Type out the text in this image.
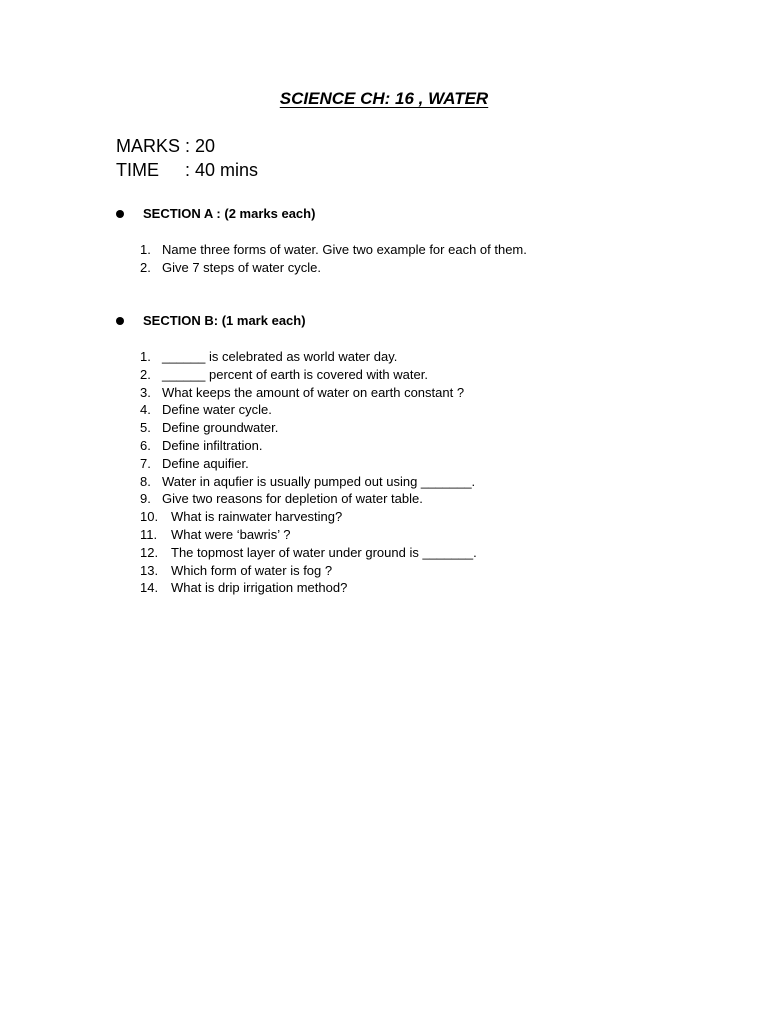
SCIENCE CH: 16 , WATER
MARKS : 20
TIME : 40 mins
SECTION A : (2 marks each)
1. Name three forms of water. Give two example for each of them.
2. Give 7 steps of water cycle.
SECTION B: (1 mark each)
1. ______ is celebrated as world water day.
2. ______ percent of earth is covered with water.
3. What keeps the amount of water on earth constant ?
4. Define water cycle.
5. Define groundwater.
6. Define infiltration.
7. Define aquifier.
8. Water in aqufier is usually pumped out using _______.
9. Give two reasons for depletion of water table.
10. What is rainwater harvesting?
11. What were ‘bawris’ ?
12. The topmost layer of water under ground is _______.
13. Which form of water is fog ?
14. What is drip irrigation method?
